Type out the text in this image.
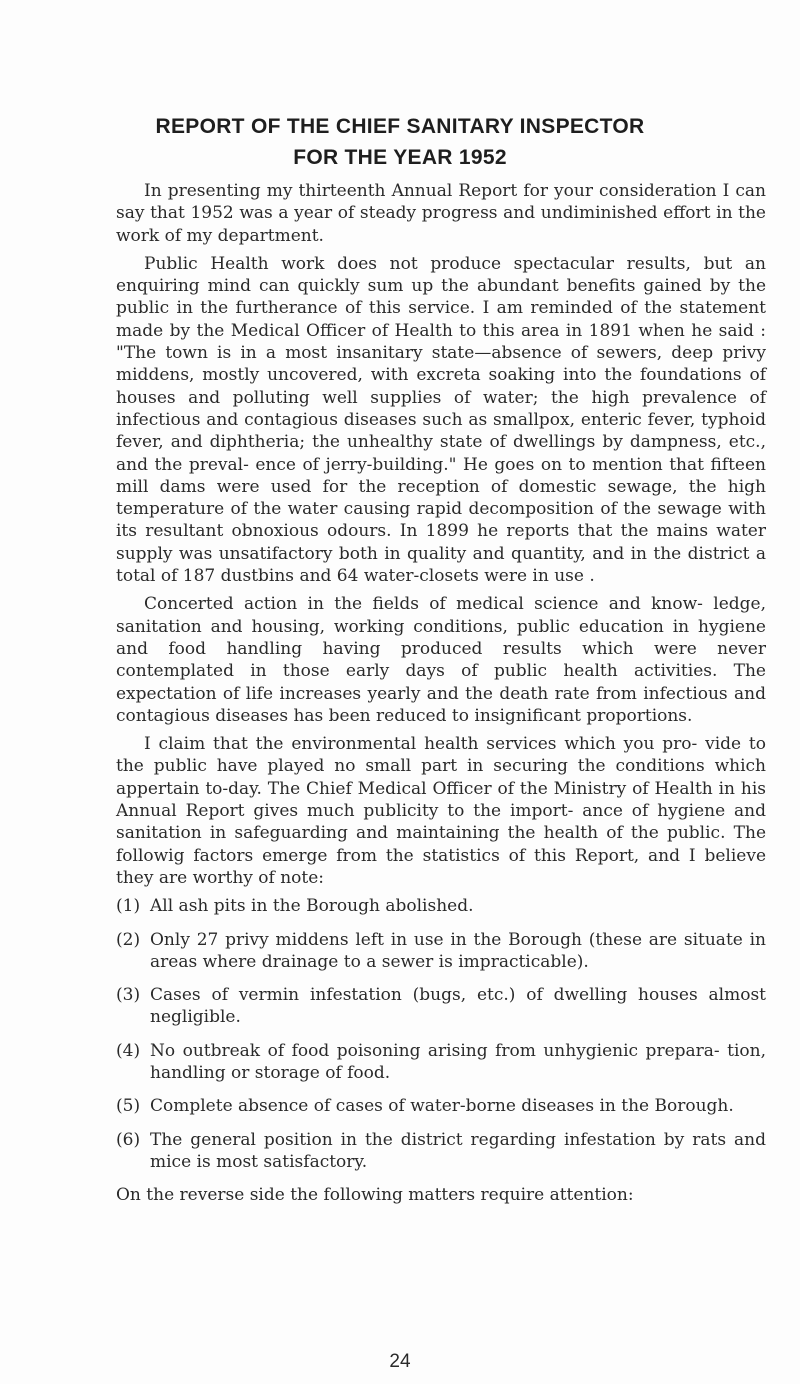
REPORT OF THE CHIEF SANITARY INSPECTOR
FOR THE YEAR 1952

In presenting my thirteenth Annual Report for your consideration I can say that 1952 was a year of steady progress and undiminished effort in the work of my department.

Public Health work does not produce spectacular results, but an enquiring mind can quickly sum up the abundant benefits gained by the public in the furtherance of this service. I am reminded of the statement made by the Medical Officer of Health to this area in 1891 when he said : "The town is in a most insanitary state—absence of sewers, deep privy middens, mostly uncovered, with excreta soaking into the foundations of houses and polluting well supplies of water; the high prevalence of infectious and contagious diseases such as smallpox, enteric fever, typhoid fever, and diphtheria; the unhealthy state of dwellings by dampness, etc., and the preval- ence of jerry-building." He goes on to mention that fifteen mill dams were used for the reception of domestic sewage, the high temperature of the water causing rapid decomposition of the sewage with its resultant obnoxious odours. In 1899 he reports that the mains water supply was unsatifactory both in quality and quantity, and in the district a total of 187 dustbins and 64 water-closets were in use .

Concerted action in the fields of medical science and know- ledge, sanitation and housing, working conditions, public education in hygiene and food handling having produced results which were never contemplated in those early days of public health activities. The expectation of life increases yearly and the death rate from infectious and contagious diseases has been reduced to insignificant proportions.

I claim that the environmental health services which you pro- vide to the public have played no small part in securing the conditions which appertain to-day. The Chief Medical Officer of the Ministry of Health in his Annual Report gives much publicity to the import- ance of hygiene and sanitation in safeguarding and maintaining the health of the public. The followig factors emerge from the statistics of this Report, and I believe they are worthy of note:

(1) All ash pits in the Borough abolished.
(2) Only 27 privy middens left in use in the Borough (these are situate in areas where drainage to a sewer is impracticable).
(3) Cases of vermin infestation (bugs, etc.) of dwelling houses almost negligible.
(4) No outbreak of food poisoning arising from unhygienic prepara- tion, handling or storage of food.
(5) Complete absence of cases of water-borne diseases in the Borough.
(6) The general position in the district regarding infestation by rats and mice is most satisfactory.

On the reverse side the following matters require attention:

24
